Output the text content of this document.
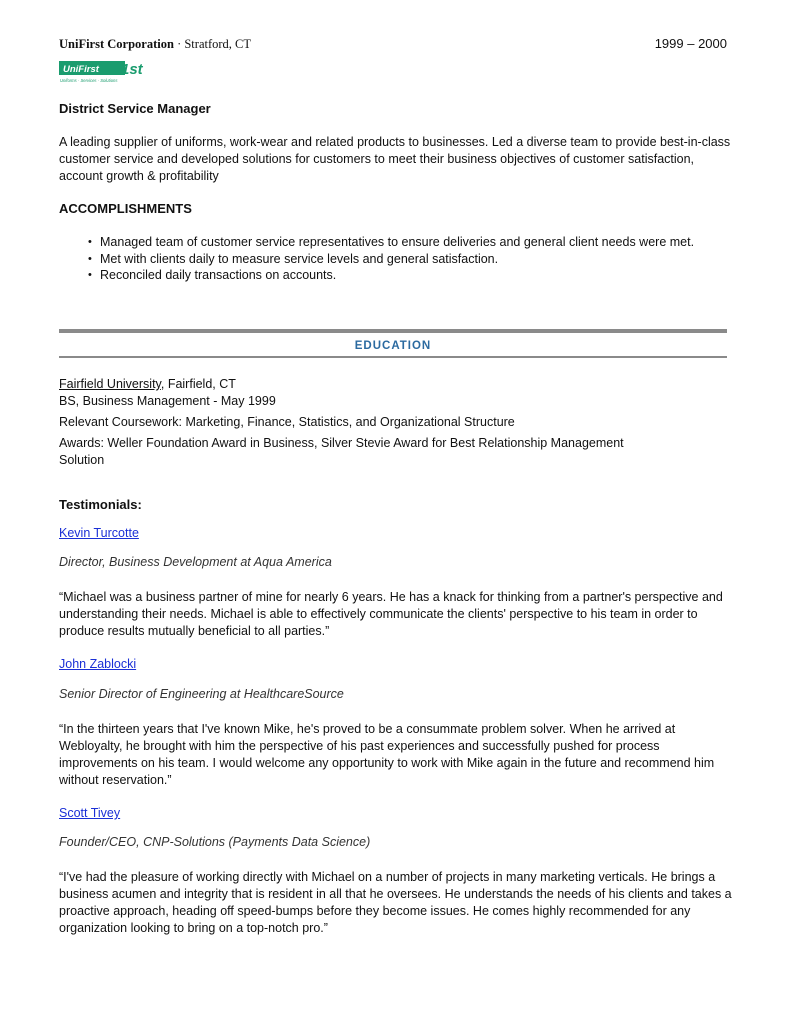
UniFirst Corporation · Stratford, CT	1999 – 2000
UniFirst 1st
Uniforms · Services · Solutions
District Service Manager
A leading supplier of uniforms, work-wear and related products to businesses. Led a diverse team to provide best-in-class customer service and developed solutions for customers to meet their business objectives of customer satisfaction, account growth & profitability
ACCOMPLISHMENTS
• Managed team of customer service representatives to ensure deliveries and general client needs were met.
• Met with clients daily to measure service levels and general satisfaction.
• Reconciled daily transactions on accounts.
EDUCATION
Fairfield University, Fairfield, CT
BS, Business Management - May 1999
Relevant Coursework: Marketing, Finance, Statistics, and Organizational Structure
Awards: Weller Foundation Award in Business, Silver Stevie Award for Best Relationship Management Solution
Testimonials:
Kevin Turcotte
Director, Business Development at Aqua America
“Michael was a business partner of mine for nearly 6 years. He has a knack for thinking from a partner's perspective and understanding their needs. Michael is able to effectively communicate the clients' perspective to his team in order to produce results mutually beneficial to all parties.”
John Zablocki
Senior Director of Engineering at HealthcareSource
“In the thirteen years that I've known Mike, he's proved to be a consummate problem solver. When he arrived at Webloyalty, he brought with him the perspective of his past experiences and successfully pushed for process improvements on his team. I would welcome any opportunity to work with Mike again in the future and recommend him without reservation.”
Scott Tivey
Founder/CEO, CNP-Solutions (Payments Data Science)
“I've had the pleasure of working directly with Michael on a number of projects in many marketing verticals. He brings a business acumen and integrity that is resident in all that he oversees. He understands the needs of his clients and takes a proactive approach, heading off speed-bumps before they become issues. He comes highly recommended for any organization looking to bring on a top-notch pro.”
